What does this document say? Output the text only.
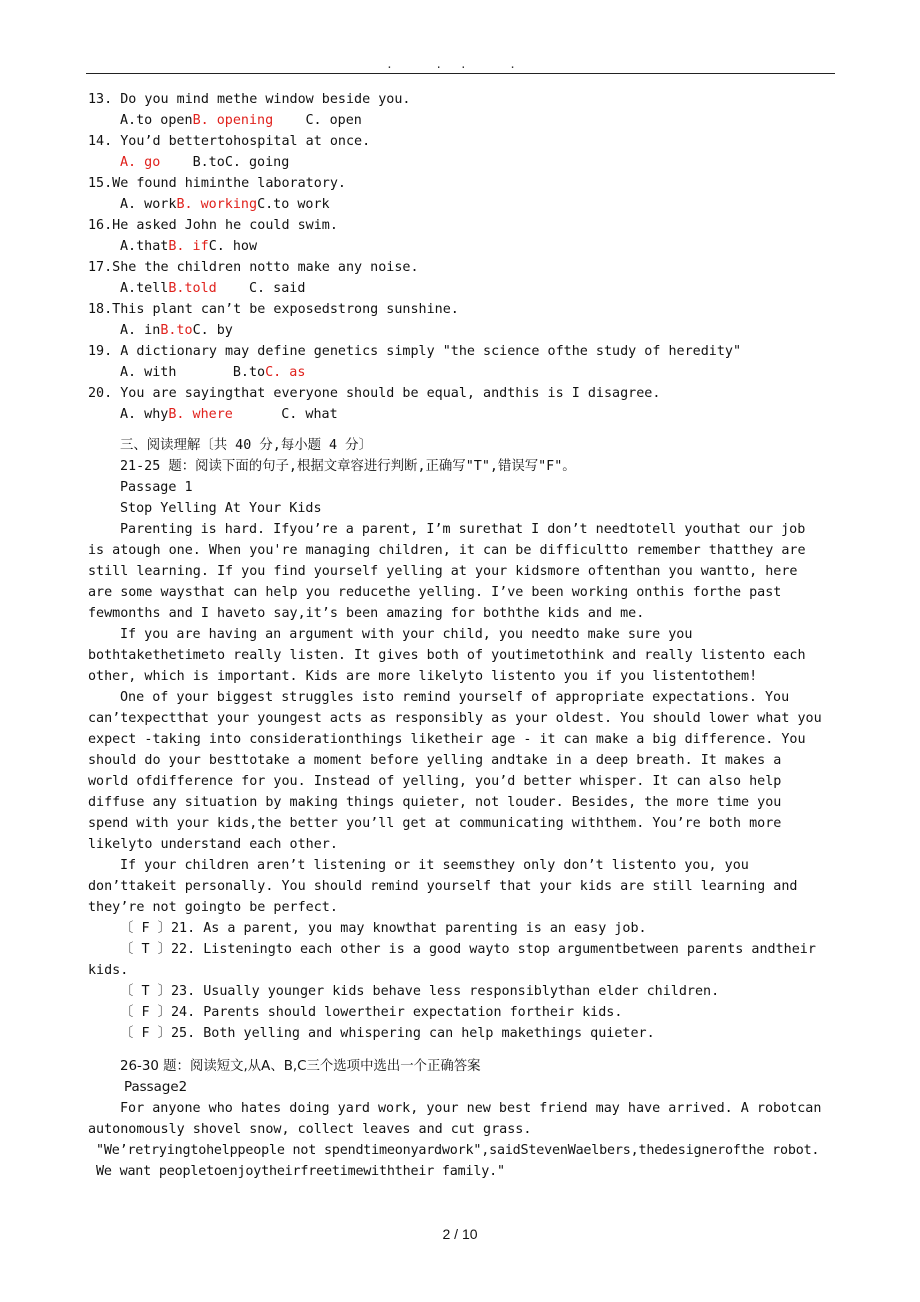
. .. .
13. Do you mind methe window beside you.
A.to openB. opening C. open
14. You’d bettertohospital at once.
A. go B.toC. going
15.We found himinthe laboratory.
A. workB. workingC.to work
16.He asked John he could swim.
A.thatB. ifC. how
17.She the children notto make any noise.
A.tellB.told C. said
18.This plant can’t be exposedstrong sunshine.
A. inB.toC. by
19. A dictionary may define genetics simply "the science ofthe study of heredity"
A. with	B.toC. as
20. You are sayingthat everyone should be equal, andthis is I disagree.
A. whyB. where	C. what
三、阅读理解〔共 40 分,每小题 4 分〕
21-25 题：阅读下面的句子,根据文章容进行判断,正确写"T",错误写"F"。
Passage 1
Stop Yelling At Your Kids
Parenting is hard. Ifyou’re a parent, I’m surethat I don’t needtotell youthat our job is atough one. When you're managing children, it can be difficultto remember thatthey are still learning. If you find yourself yelling at your kidsmore oftenthan you wantto, here are some waysthat can help you reducethe yelling. I’ve been working onthis forthe past fewmonths and I haveto say,it’s been amazing for boththe kids and me.
If you are having an argument with your child, you needto make sure you bothtakethetimeto really listen. It gives both of youtimetothink and really listento each other, which is important. Kids are more likelyto listento you if you listentothem!
One of your biggest struggles isto remind yourself of appropriate expectations. You can’texpectthat your youngest acts as responsibly as your oldest. You should lower what you expect -taking into considerationthings liketheir age - it can make a big difference. You should do your besttotake a moment before yelling andtake in a deep breath. It makes a world ofdifference for you. Instead of yelling, you’d better whisper. It can also help diffuse any situation by making things quieter, not louder. Besides, the more time you spend with your kids,the better you’ll get at communicating withthem. You’re both more likelyto understand each other.
If your children aren’t listening or it seemsthey only don’t listento you, you don’ttakeit personally. You should remind yourself that your kids are still learning and they’re not goingto be perfect.
〔 F 〕21. As a parent, you may knowthat parenting is an easy job.
〔 T 〕22. Listeningto each other is a good wayto stop argumentbetween parents andtheir kids.
〔 T 〕23. Usually younger kids behave less responsiblythan elder children.
〔 F 〕24. Parents should lowertheir expectation fortheir kids.
〔 F 〕25. Both yelling and whispering can help makethings quieter.
26-30 题：阅读短文,从A、B,C三个选项中选出一个正确答案
Passage2
For anyone who hates doing yard work, your new best friend may have arrived. A robotcan autonomously shovel snow, collect leaves and cut grass.
"We’retryingtohelppeople not spendtimeonyardwork",saidStevenWaelbers,thedesignerofthe robot. We want peopletoenjoytheirfreetimewiththeir family."
2 / 10
